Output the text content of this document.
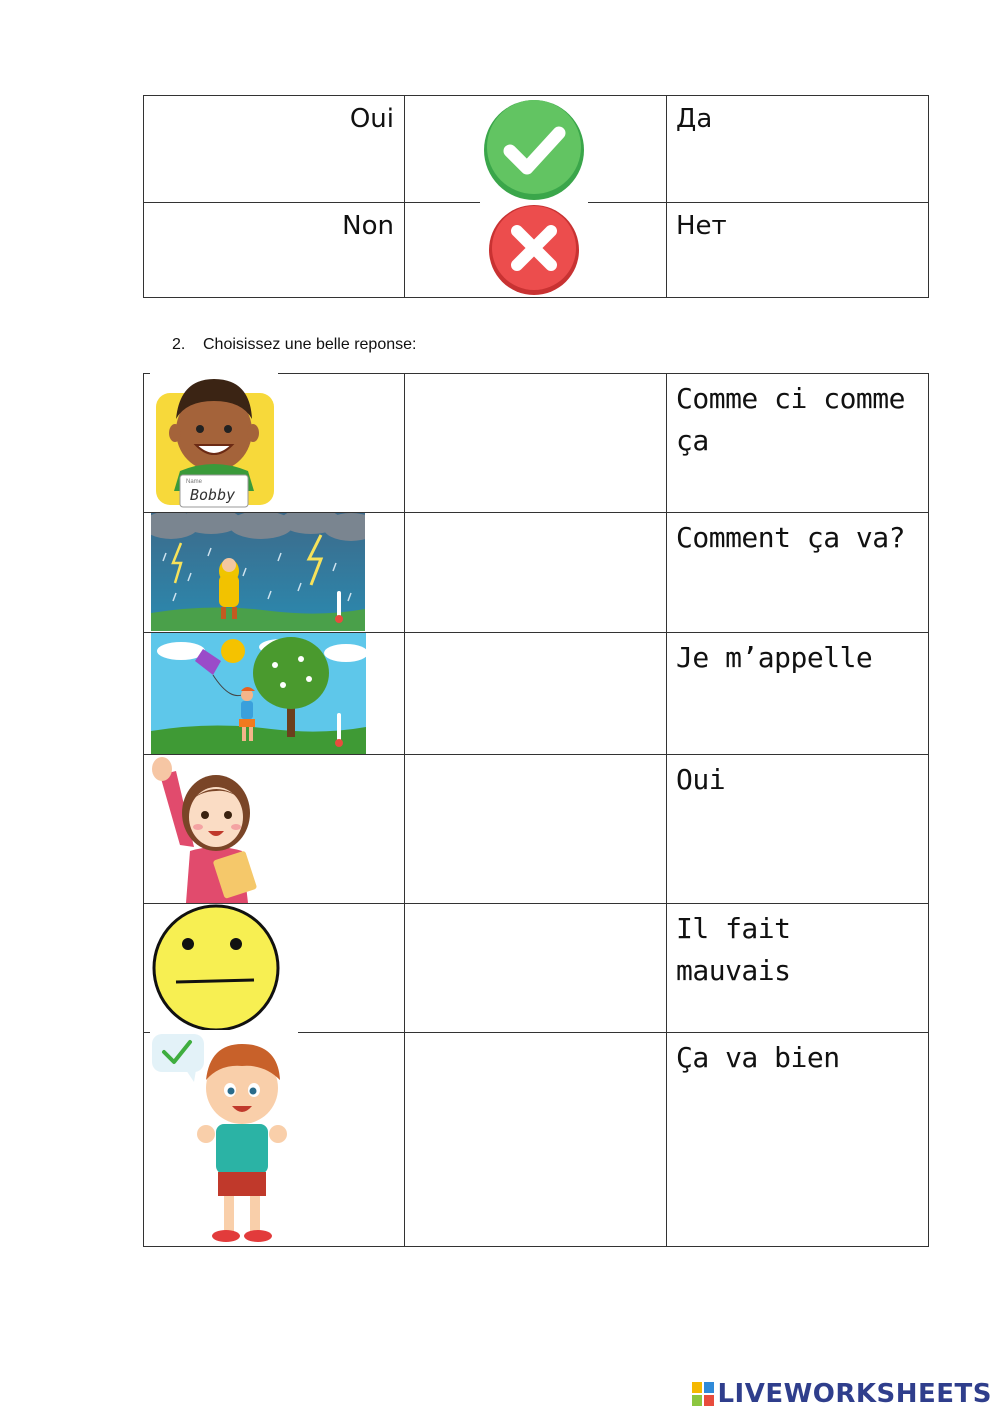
Oui	Да
Non	Нет
2. Choisissez une belle reponse:
Comme ci comme ça
Comment ça va?
Je m’appelle
Oui
Il fait mauvais
Ça va bien
Name
Bobby
LIVEWORKSHEETS
